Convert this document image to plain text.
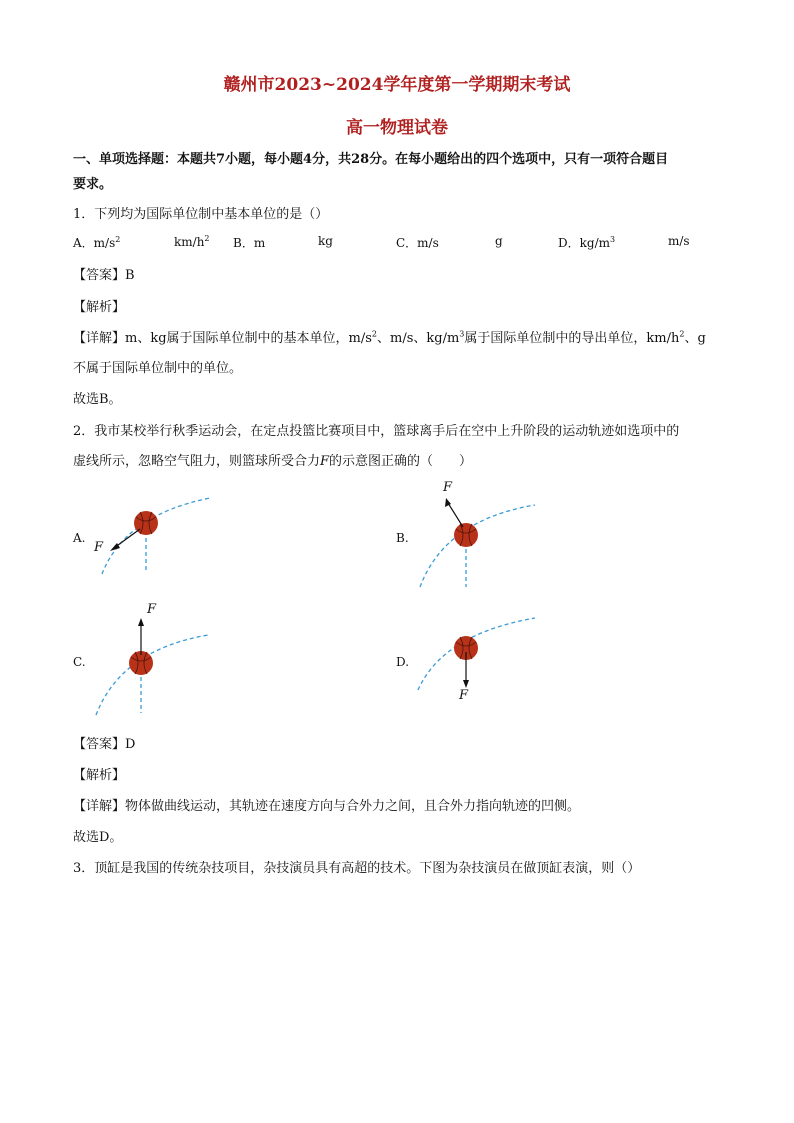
赣州市2023~2024学年度第一学期期末考试
高一物理试卷
一、单项选择题：本题共7小题，每小题4分，共28分。在每小题给出的四个选项中，只有一项符合题目
要求。
1．下列均为国际单位制中基本单位的是（）
A．$m/s^2$	$km/h^2$ B．m	kg	C．m/s	g	D．$kg/m^3$	m/s
【答案】B
【解析】
【详解】m、kg属于国际单位制中的基本单位，$m/s^2$、m/s、$kg/m^3$属于国际单位制中的导出单位，$km/h^2$、g
不属于国际单位制中的单位。
故选B。
2．我市某校举行秋季运动会，在定点投篮比赛项目中，篮球离手后在空中上升阶段的运动轨迹如选项中的
虚线所示，忽略空气阻力，则篮球所受合力F的示意图正确的（　　）
A.
F
B.
F
C.
F
D.
F
【答案】D
【解析】
【详解】物体做曲线运动，其轨迹在速度方向与合外力之间，且合外力指向轨迹的凹侧。
故选D。
3．顶缸是我国的传统杂技项目，杂技演员具有高超的技术。下图为杂技演员在做顶缸表演，则（）
